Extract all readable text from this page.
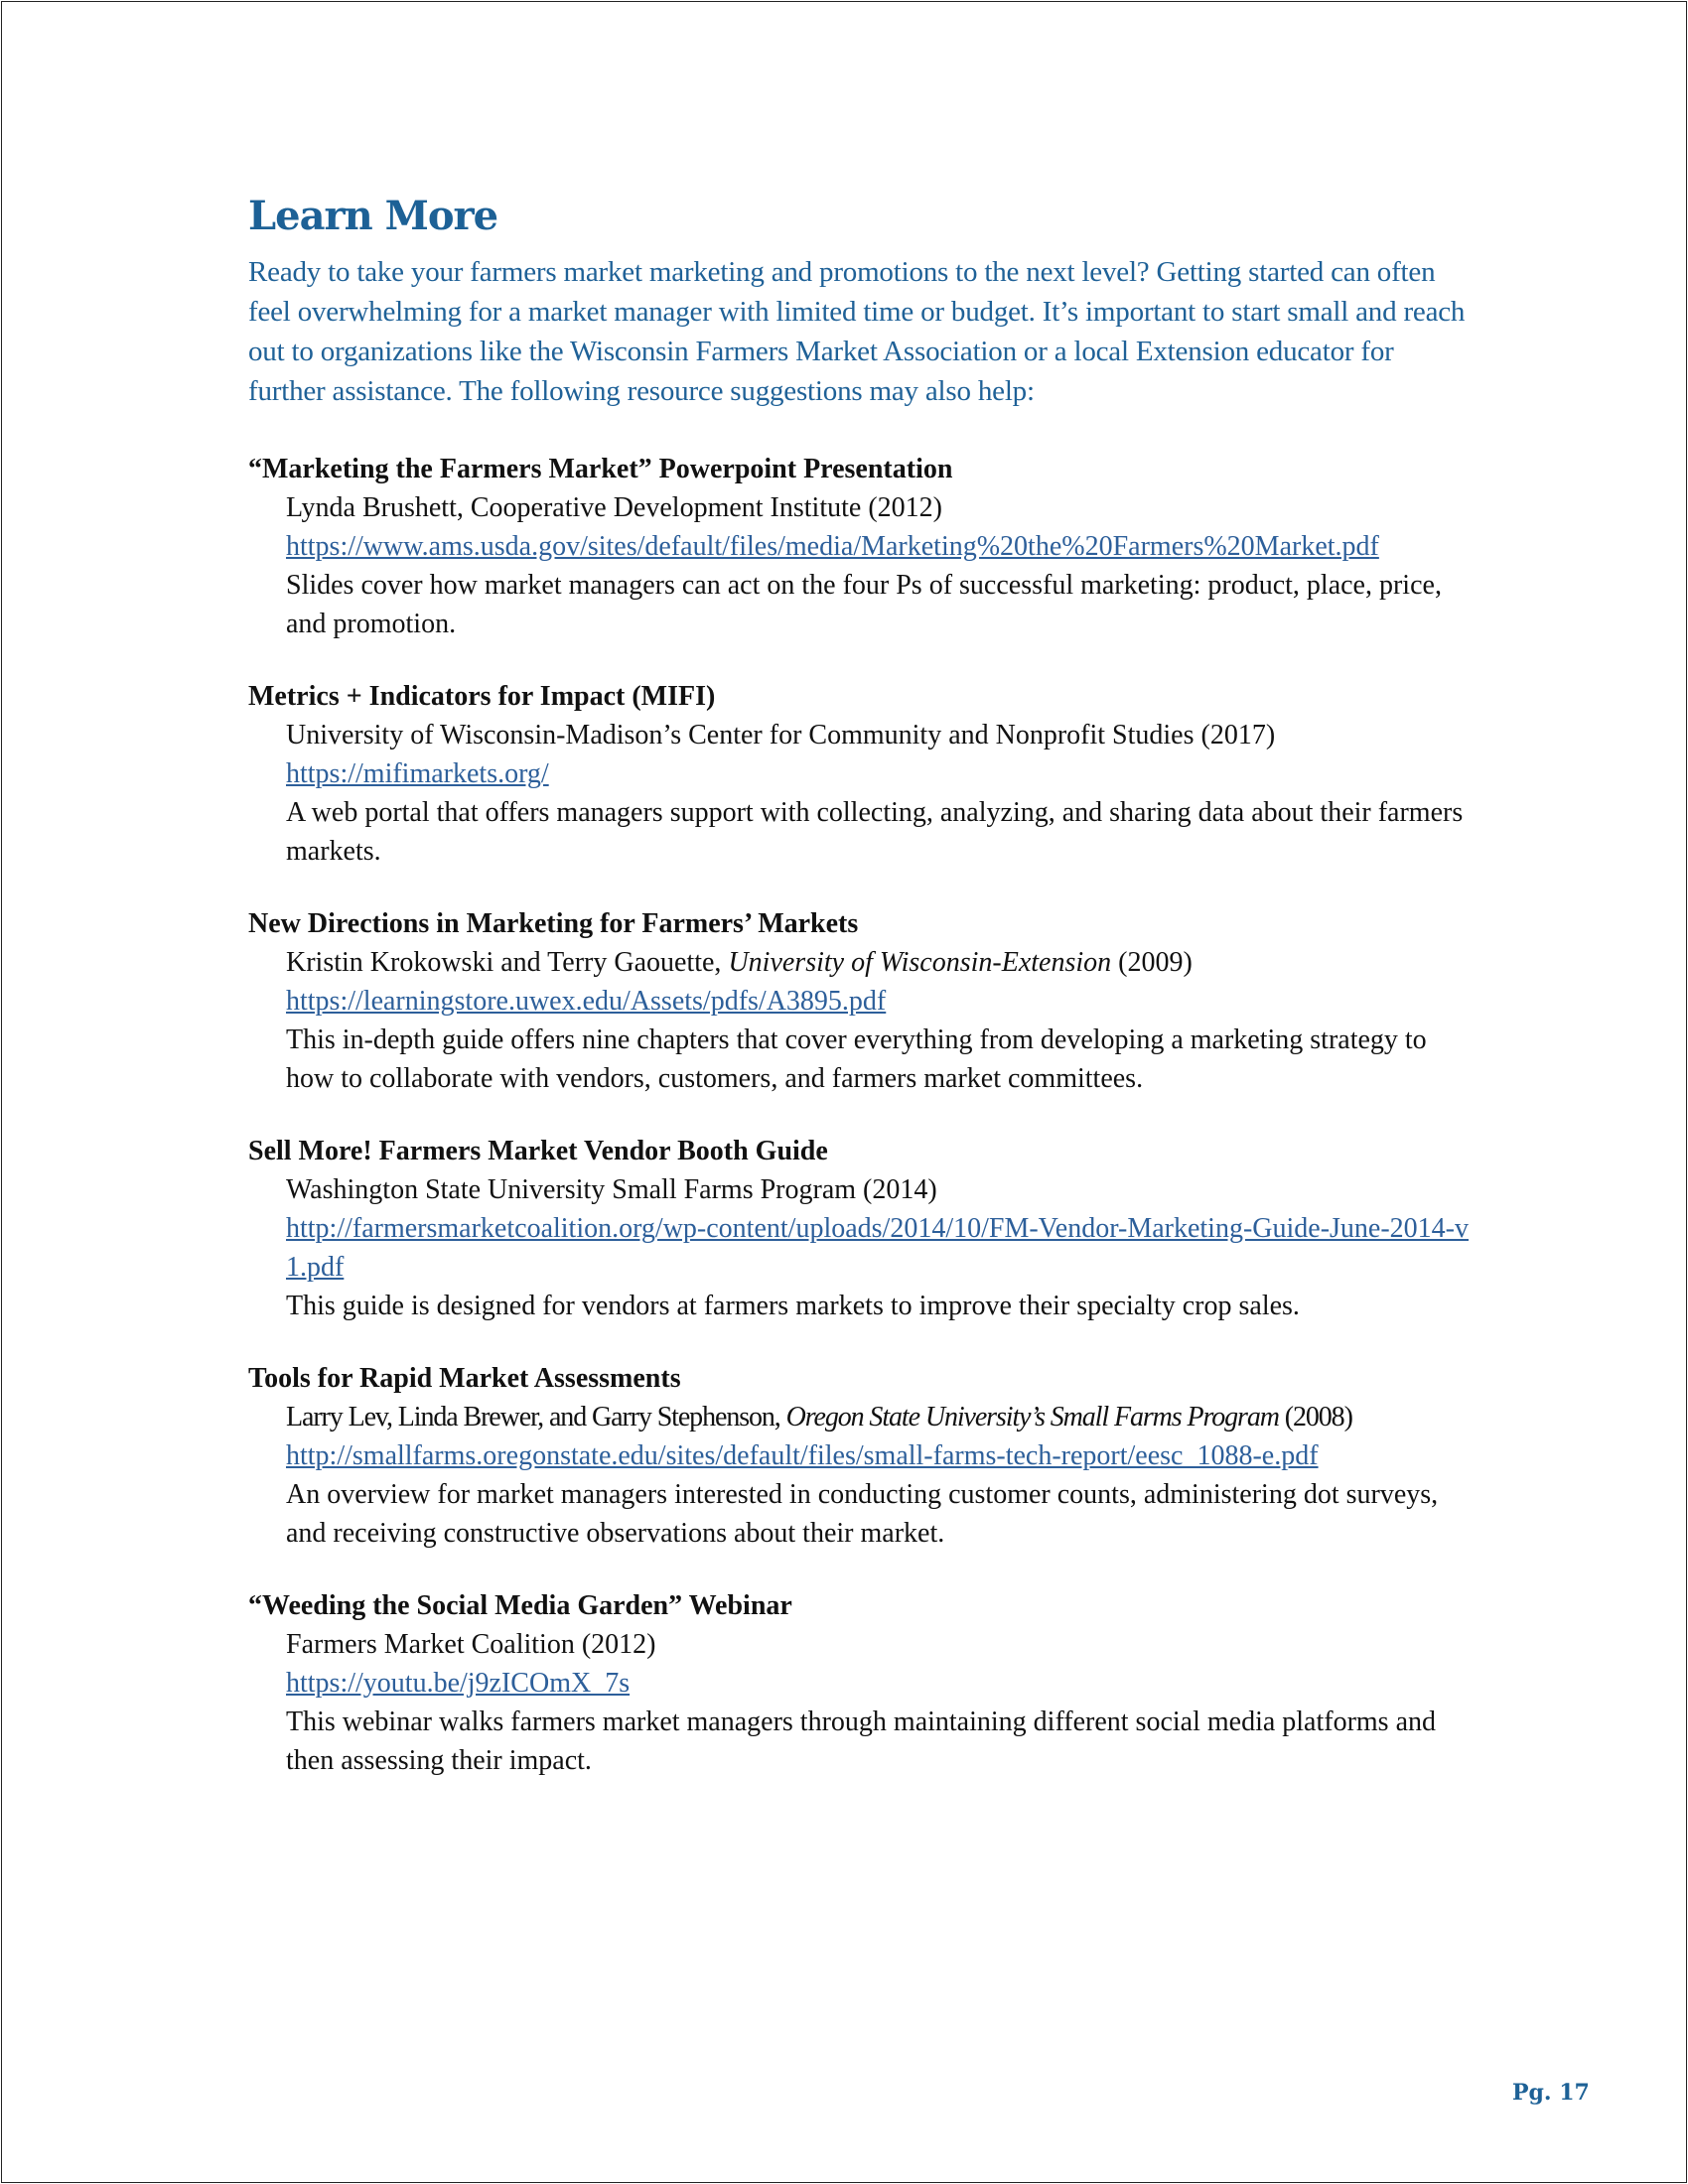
Learn More

Ready to take your farmers market marketing and promotions to the next level? Getting started can often feel overwhelming for a market manager with limited time or budget. It’s important to start small and reach out to organizations like the Wisconsin Farmers Market Association or a local Extension educator for further assistance. The following resource suggestions may also help:

“Marketing the Farmers Market” Powerpoint Presentation
Lynda Brushett, Cooperative Development Institute (2012)
https://www.ams.usda.gov/sites/default/files/media/Marketing%20the%20Farmers%20Market.pdf
Slides cover how market managers can act on the four Ps of successful marketing: product, place, price, and promotion.
Metrics + Indicators for Impact (MIFI)
University of Wisconsin-Madison’s Center for Community and Nonprofit Studies (2017)
https://mifimarkets.org/
A web portal that offers managers support with collecting, analyzing, and sharing data about their farmers markets.
New Directions in Marketing for Farmers’ Markets
Kristin Krokowski and Terry Gaouette, University of Wisconsin-Extension (2009)
https://learningstore.uwex.edu/Assets/pdfs/A3895.pdf
This in-depth guide offers nine chapters that cover everything from developing a marketing strategy to how to collaborate with vendors, customers, and farmers market committees.
Sell More! Farmers Market Vendor Booth Guide
Washington State University Small Farms Program (2014)
http://farmersmarketcoalition.org/wp-content/uploads/2014/10/FM-Vendor-Marketing-Guide-June-2014-v1.pdf
This guide is designed for vendors at farmers markets to improve their specialty crop sales.
Tools for Rapid Market Assessments
Larry Lev, Linda Brewer, and Garry Stephenson, Oregon State University’s Small Farms Program (2008)
http://smallfarms.oregonstate.edu/sites/default/files/small-farms-tech-report/eesc_1088-e.pdf
An overview for market managers interested in conducting customer counts, administering dot surveys, and receiving constructive observations about their market.
“Weeding the Social Media Garden” Webinar
Farmers Market Coalition (2012)
https://youtu.be/j9zICOmX_7s
This webinar walks farmers market managers through maintaining different social media platforms and then assessing their impact.
Pg. 17
